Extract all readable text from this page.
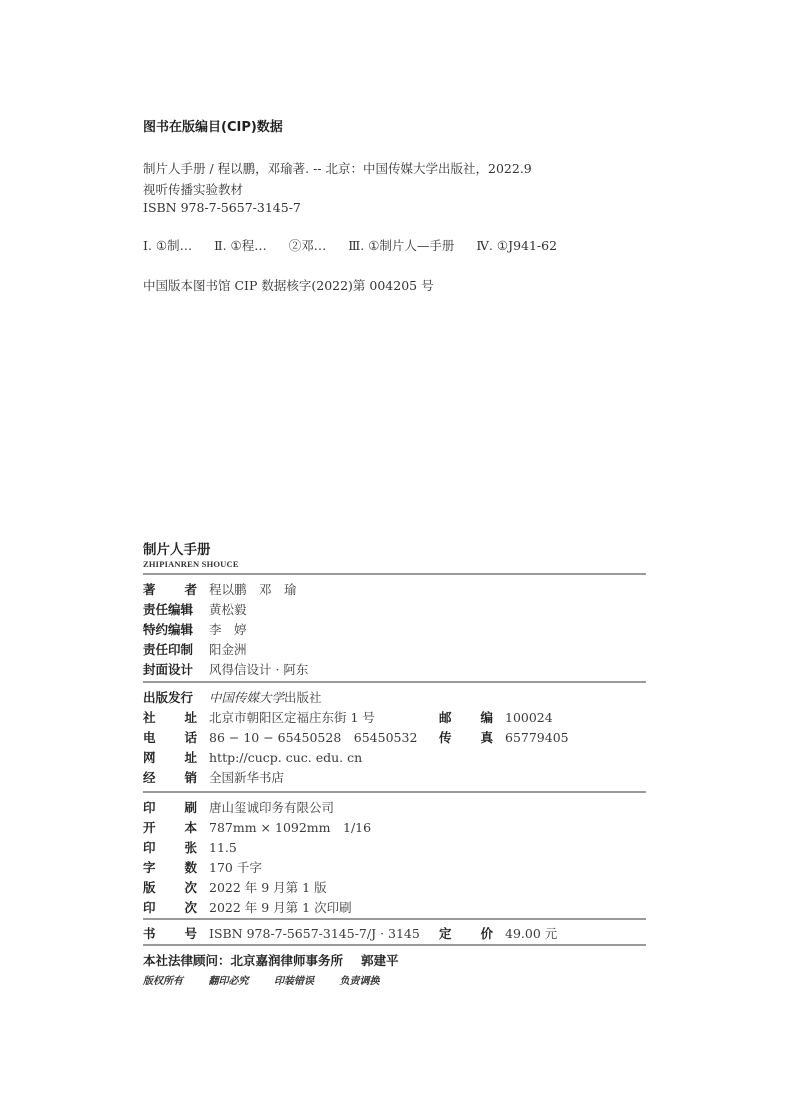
图书在版编目(CIP)数据
制片人手册 / 程以鹏，邓瑜著. -- 北京：中国传媒大学出版社，2022.9
视听传播实验教材
ISBN 978-7-5657-3145-7
Ⅰ. ①制… Ⅱ. ①程… ②邓… Ⅲ. ①制片人—手册 Ⅳ. ①J941-62
中国版本图书馆 CIP 数据核字(2022)第 004205 号
制片人手册
ZHIPIANREN SHOUCE
著 者 程以鹏　邓　瑜
责任编辑	黄松毅
特约编辑	李　婷
责任印制	阳金洲
封面设计	风得信设计 · 阿东
出版发行	中国传媒大学出版社
社 址 北京市朝阳区定福庄东街 1 号	邮 编 100024
电 话 86 − 10 − 65450528　65450532 传 真 65779405
网 址 http://cucp. cuc. edu. cn
经 销 全国新华书店
印 刷 唐山玺诚印务有限公司
开 本 787mm × 1092mm　1/16
印 张 11.5
字 数 170 千字
版 次 2022 年 9 月第 1 版
印 次 2022 年 9 月第 1 次印刷
书 号 ISBN 978-7-5657-3145-7/J · 3145 定 价 49.00 元
本社法律顾问：北京嘉润律师事务所 郭建平
版权所有	翻印必究	印装错误	负责调换
